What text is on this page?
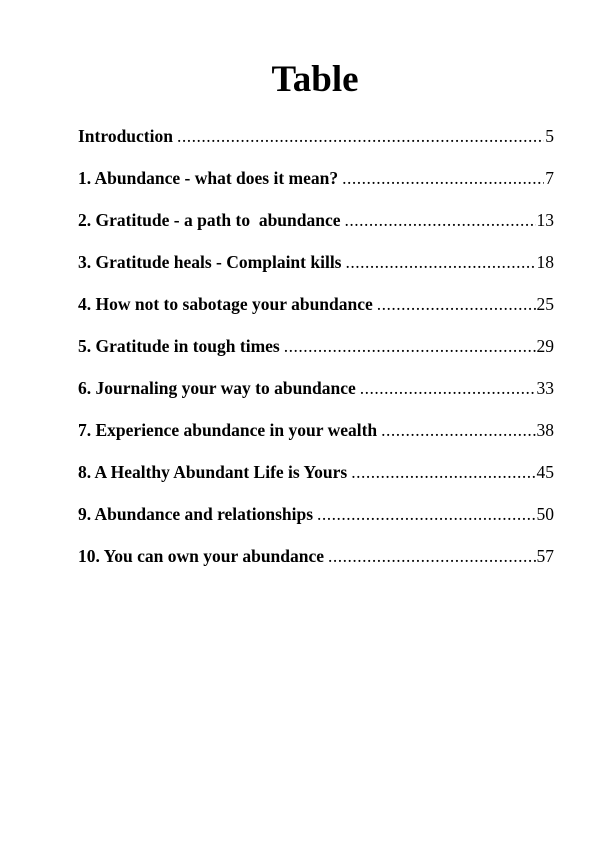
Table
Introduction .....	5
1. Abundance - what does it mean? .....	7
2. Gratitude - a path to  abundance .....	13
3. Gratitude heals - Complaint kills .....	18
4. How not to sabotage your abundance .....	25
5. Gratitude in tough times .....	29
6. Journaling your way to abundance .....	33
7. Experience abundance in your wealth .....	38
8. A Healthy Abundant Life is Yours .....	45
9. Abundance and relationships .....	50
10. You can own your abundance .....	57
